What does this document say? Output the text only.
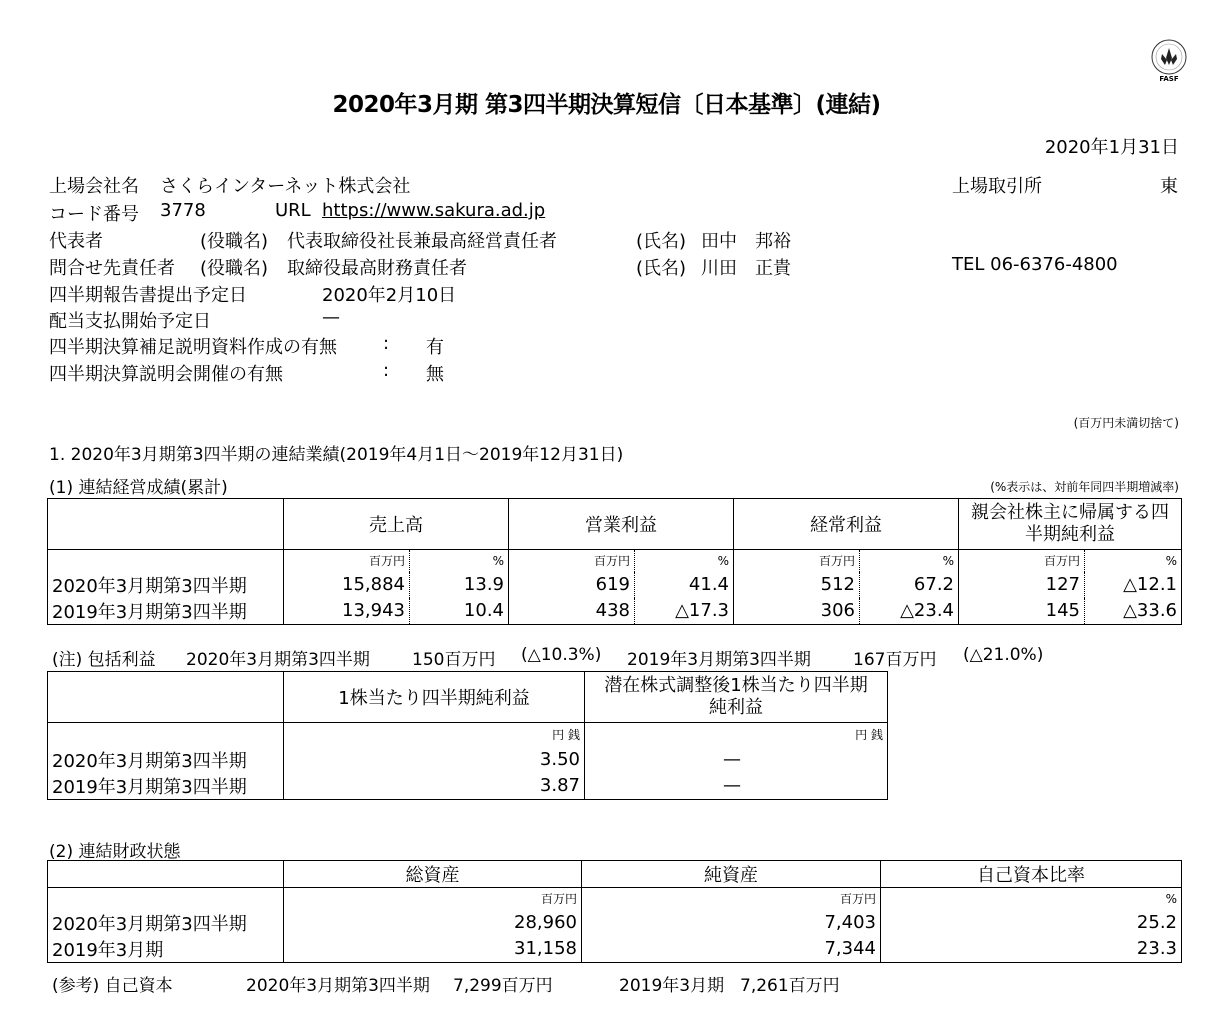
FASF
2020年3月期 第3四半期決算短信〔日本基準〕(連結)
2020年1月31日
上場会社名 さくらインターネット株式会社	上場取引所	東
コード番号 3778	URL https://www.sakura.ad.jp
代表者	(役職名) 代表取締役社長兼最高経営責任者	(氏名) 田中　邦裕
問合せ先責任者 (役職名) 取締役最高財務責任者	(氏名) 川田　正貴	TEL 06-6376-4800
四半期報告書提出予定日	2020年2月10日
配当支払開始予定日	—
四半期決算補足説明資料作成の有無	: 有
四半期決算説明会開催の有無	: 無
(百万円未満切捨て)
1. 2020年3月期第3四半期の連結業績(2019年4月1日～2019年12月31日)
(1) 連結経営成績(累計)	(%表示は、対前年同四半期増減率)
	売上高		営業利益		経常利益		親会社株主に帰属する四
半期純利益	

	百万円	%	百万円	%	百万円	%	百万円	%
2020年3月期第3四半期	15,884	13.9	619	41.4	512	67.2	127	△12.1
2019年3月期第3四半期	13,943	10.4	438	△17.3	306	△23.4	145	△33.6
(注) 包括利益 2020年3月期第3四半期 150百万円 (△10.3%) 2019年3月期第3四半期 167百万円 (△21.0%)
	1株当たり四半期純利益	潜在株式調整後1株当たり四半期
純利益

	円 銭	円 銭
2020年3月期第3四半期	3.50	—
2019年3月期第3四半期	3.87	—
(2) 連結財政状態
	総資産	純資産	自己資本比率
	百万円	百万円	%
2020年3月期第3四半期	28,960	7,403	25.2
2019年3月期	31,158	7,344	23.3
(参考) 自己資本	2020年3月期第3四半期 7,299百万円	2019年3月期 7,261百万円
